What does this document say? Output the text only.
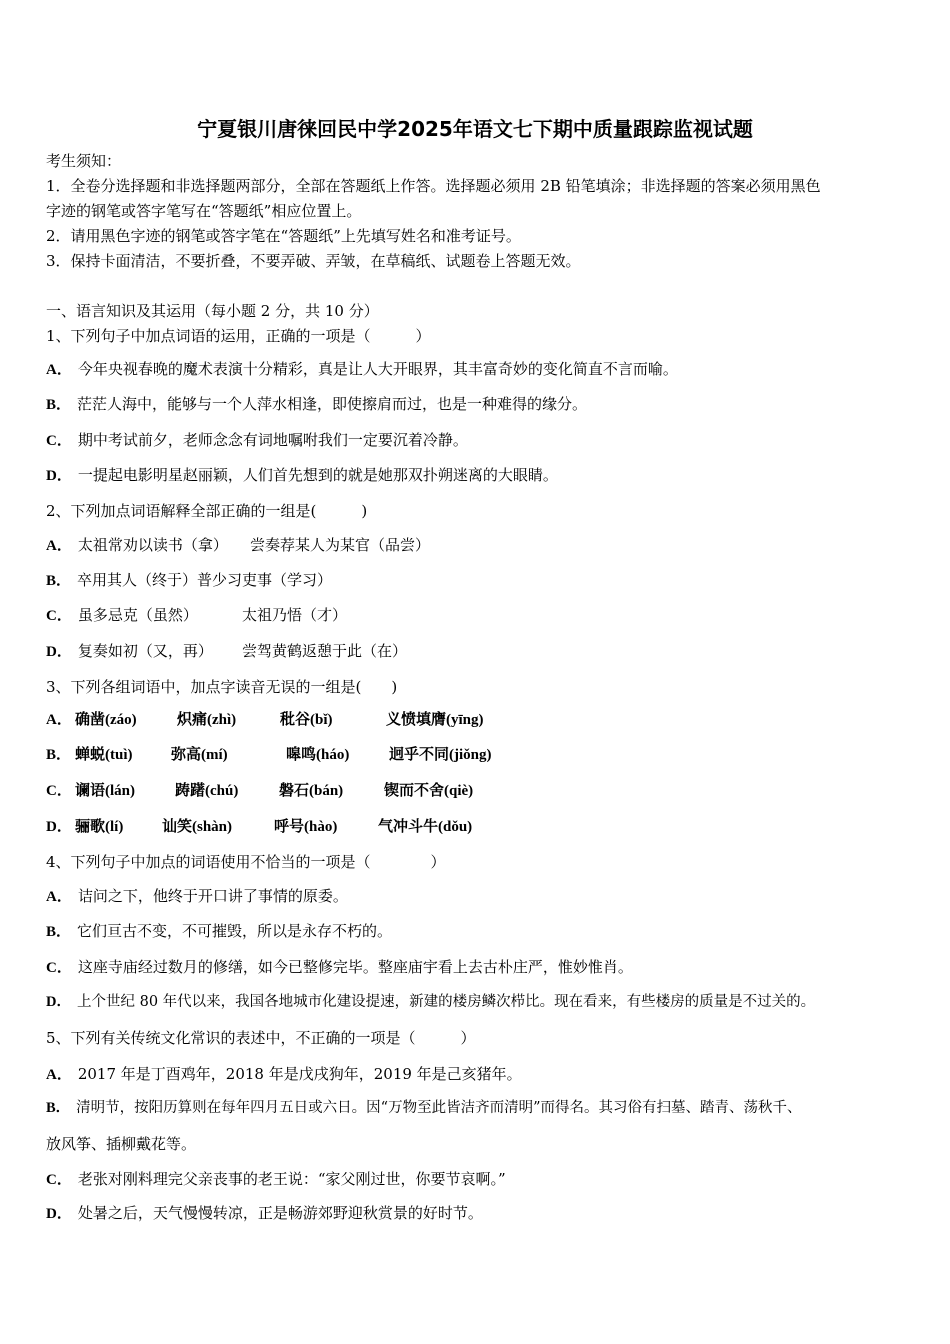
宁夏银川唐徕回民中学2025年语文七下期中质量跟踪监视试题
考生须知：
1．全卷分选择题和非选择题两部分，全部在答题纸上作答。选择题必须用 2B 铅笔填涂；非选择题的答案必须用黑色
字迹的钢笔或答字笔写在“答题纸”相应位置上。
2．请用黑色字迹的钢笔或答字笔在“答题纸”上先填写姓名和准考证号。
3．保持卡面清洁，不要折叠，不要弄破、弄皱，在草稿纸、试题卷上答题无效。
一、语言知识及其运用（每小题 2 分，共 10 分）
1、下列句子中加点词语的运用，正确的一项是（　　　）
A． 今年央视春晚的魔术表演十分精彩，真是让人大开眼界，其丰富奇妙的变化简直不言而喻。
B． 茫茫人海中，能够与一个人萍水相逢，即使擦肩而过，也是一种难得的缘分。
C． 期中考试前夕，老师念念有词地嘱咐我们一定要沉着冷静。
D． 一提起电影明星赵丽颖，人们首先想到的就是她那双扑朔迷离的大眼睛。
2、下列加点词语解释全部正确的一组是(　　　)
A． 太祖常劝以读书（拿） 尝奏荐某人为某官（品尝）
B． 卒用其人（终于）普少习吏事（学习）
C． 虽多忌克（虽然）	太祖乃悟（才）
D． 复奏如初（又，再） 尝驾黄鹤返憩于此（在）
3、下列各组词语中，加点字读音无误的一组是(　　)
A． 确凿(záo)	炽痛(zhì)	秕谷(bǐ)	义愤填膺(yīng)
B． 蝉蜕(tuì)	弥高(mí)	嗥鸣(háo)	迥乎不同(jiǒng)
C． 谰语(lán)	踌躇(chú)	磐石(bán)	锲而不舍(qiè)
D． 骊歌(lí)	讪笑(shàn)	呼号(hào)	气冲斗牛(dǒu)
4、下列句子中加点的词语使用不恰当的一项是（　　　　）
A． 诘问之下，他终于开口讲了事情的原委。
B． 它们亘古不变，不可摧毁，所以是永存不朽的。
C． 这座寺庙经过数月的修缮，如今已整修完毕。整座庙宇看上去古朴庄严，惟妙惟肖。
D． 上个世纪 80 年代以来，我国各地城市化建设提速，新建的楼房鳞次栉比。现在看来，有些楼房的质量是不过关的。
5、下列有关传统文化常识的表述中，不正确的一项是（　　　）
A． 2017 年是丁酉鸡年，2018 年是戊戌狗年，2019 年是己亥猪年。
B． 清明节，按阳历算则在每年四月五日或六日。因“万物至此皆洁齐而清明”而得名。其习俗有扫墓、踏青、荡秋千、
放风筝、插柳戴花等。
C． 老张对刚料理完父亲丧事的老王说：“家父刚过世，你要节哀啊。”
D． 处暑之后，天气慢慢转凉，正是畅游郊野迎秋赏景的好时节。
